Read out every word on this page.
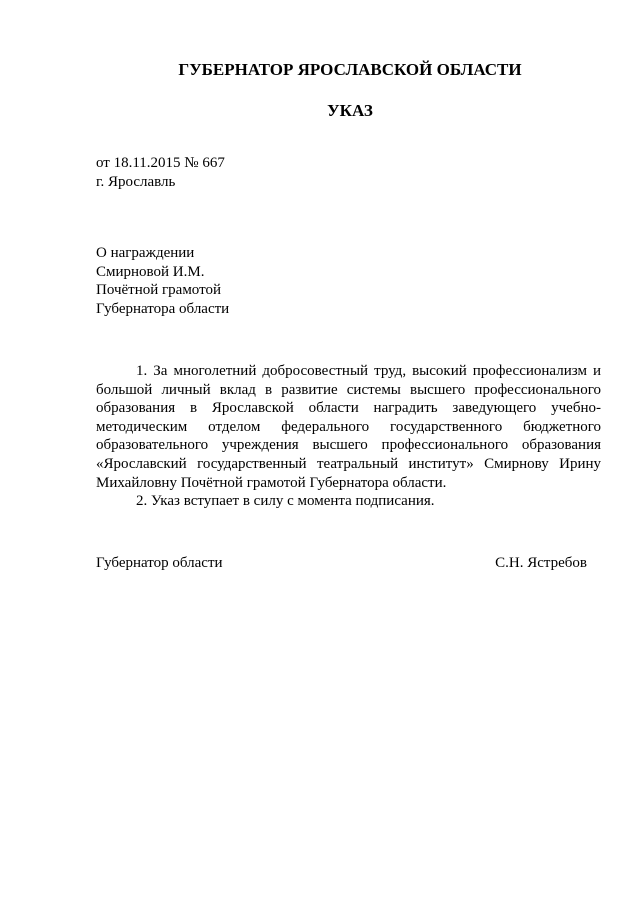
ГУБЕРНАТОР ЯРОСЛАВСКОЙ ОБЛАСТИ
УКАЗ
от 18.11.2015 № 667
г. Ярославль
О награждении
Смирновой И.М.
Почётной грамотой
Губернатора области

1. За многолетний добросовестный труд, высокий профессионализм и большой личный вклад в развитие системы высшего профессионального образования в Ярославской области наградить заведующего учебно-методическим отделом федерального государственного бюджетного образовательного учреждения высшего профессионального образования «Ярославский государственный театральный институт» Смирнову Ирину Михайловну Почётной грамотой Губернатора области.

2. Указ вступает в силу с момента подписания.

Губернатор области	С.Н. Ястребов
